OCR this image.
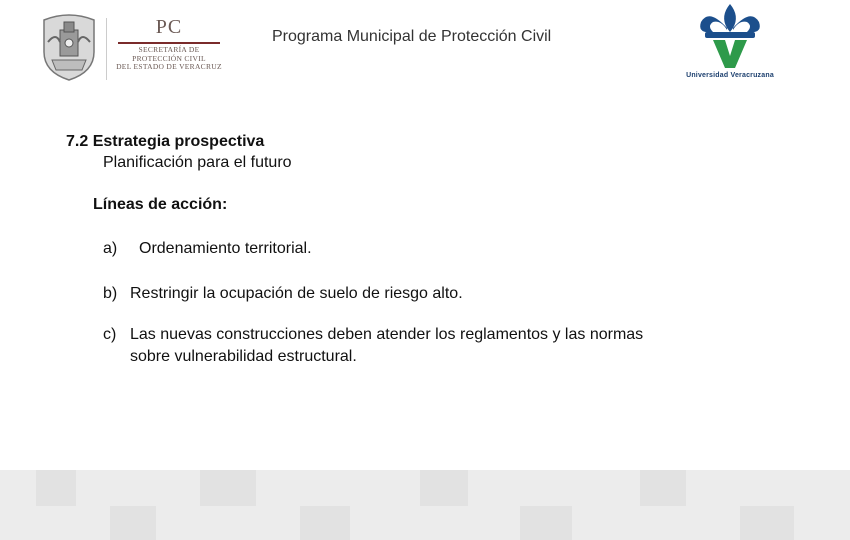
PC
SECRETARÍA DE
PROTECCIÓN CIVIL
DEL ESTADO DE VERACRUZ
Programa Municipal de Protección Civil
Universidad Veracruzana
7.2 Estrategia prospectiva
Planificación para el futuro
Líneas de acción:
a) Ordenamiento territorial.
b) Restringir la ocupación de suelo de riesgo alto.
c) Las nuevas construcciones deben atender los reglamentos y las normas
sobre vulnerabilidad estructural.
